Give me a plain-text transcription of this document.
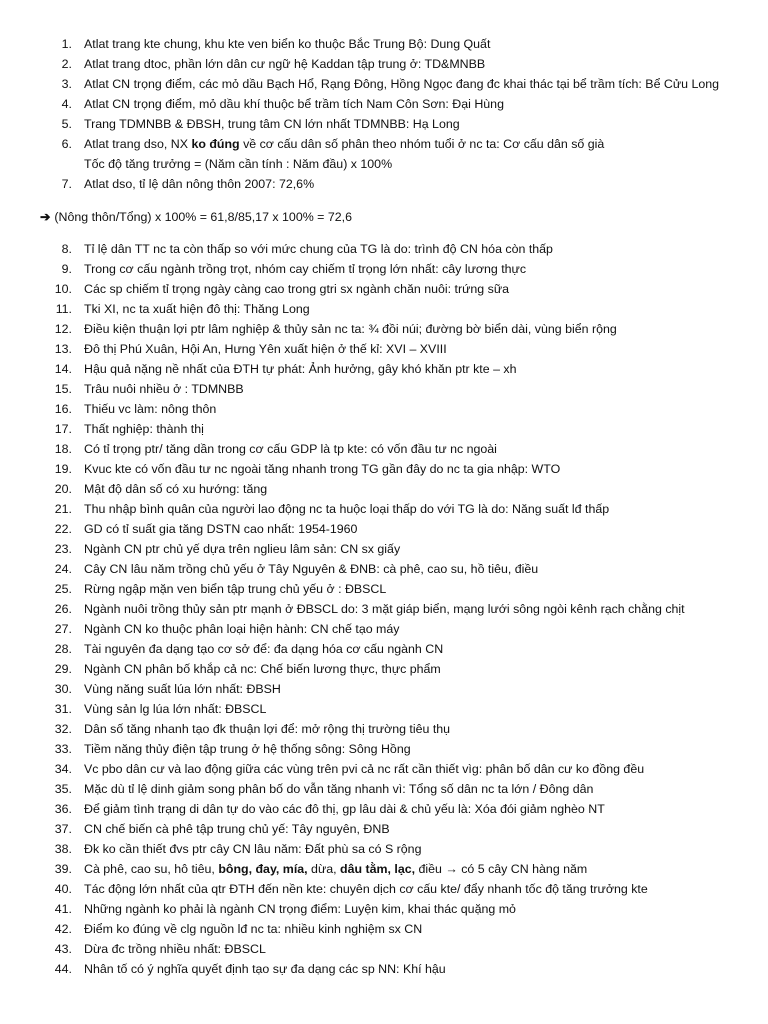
1. Atlat trang kte chung, khu kte ven biển ko thuộc Bắc Trung Bộ: Dung Quất
2. Atlat trang dtoc, phần lớn dân cư ngữ hệ Kaddan tập trung ở: TD&MNBB
3. Atlat CN trọng điểm, các mỏ dầu Bạch Hổ, Rạng Đông, Hồng Ngọc đang đc khai thác tại bể trầm tích: Bể Cửu Long
4. Atlat CN trọng điểm, mỏ dầu khí thuộc bể trầm tích Nam Côn Sơn: Đại Hùng
5. Trang TDMNBB & ĐBSH, trung tâm CN lớn nhất TDMNBB: Hạ Long
6. Atlat trang dso, NX ko đúng về cơ cấu dân số phân theo nhóm tuổi ở nc ta: Cơ cấu dân số già
Tốc độ tăng trưởng = (Năm cần tính : Năm đầu) x 100%
7. Atlat dso, tỉ lệ dân nông thôn 2007: 72,6%
➔ (Nông thôn/Tổng) x 100% = 61,8/85,17 x 100% = 72,6
8. Tỉ lệ dân TT nc ta còn thấp so với mức chung của TG là do: trình độ CN hóa còn thấp
9. Trong cơ cấu ngành trồng trọt, nhóm cay chiếm tỉ trọng lớn nhất: cây lương thực
10. Các sp chiếm tỉ trọng ngày càng cao trong gtri sx ngành chăn nuôi: trứng sữa
11. Tki XI, nc ta xuất hiện đô thị: Thăng Long
12. Điều kiện thuận lợi ptr lâm nghiệp & thủy sản nc ta: ¾ đồi núi; đường bờ biển dài, vùng biển rộng
13. Đô thị Phú Xuân, Hội An, Hưng Yên xuất hiện ở thế kỉ: XVI – XVIII
14. Hậu quả nặng nề nhất của ĐTH tự phát: Ảnh hưởng, gây khó khăn ptr kte – xh
15. Trâu nuôi nhiều ở : TDMNBB
16. Thiếu vc làm: nông thôn
17. Thất nghiệp: thành thị
18. Có tỉ trọng ptr/ tăng dần trong cơ cấu GDP là tp kte: có vốn đầu tư nc ngoài
19. Kvuc kte có vốn đầu tư nc ngoài tăng nhanh trong TG gần đây do nc ta gia nhập: WTO
20. Mật độ dân số có xu hướng: tăng
21. Thu nhập bình quân của người lao động nc ta huộc loại thấp do với TG là do: Năng suất lđ thấp
22. GD có tỉ suất gia tăng DSTN cao nhất: 1954-1960
23. Ngành CN ptr chủ yế dựa trên nglieu lâm sản: CN sx giấy
24. Cây CN lâu năm trồng chủ yếu ở Tây Nguyên & ĐNB: cà phê, cao su, hồ tiêu, điều
25. Rừng ngập mặn ven biển tập trung chủ yếu ở : ĐBSCL
26. Ngành nuôi trồng thủy sản ptr mạnh ở ĐBSCL do: 3 mặt giáp biển, mạng lưới sông ngòi kênh rạch chằng chịt
27. Ngành CN ko thuộc phân loại hiện hành: CN chế tạo máy
28. Tài nguyên đa dạng tạo cơ sở để: đa dạng hóa cơ cấu ngành CN
29. Ngành CN phân bố khắp cả nc: Chế biến lương thực, thực phẩm
30. Vùng năng suất lúa lớn nhất: ĐBSH
31. Vùng sản lg lúa lớn nhất: ĐBSCL
32. Dân số tăng nhanh tạo đk thuận lợi để: mở rộng thị trường tiêu thụ
33. Tiềm năng thủy điện tập trung ở hệ thống sông: Sông Hồng
34. Vc pbo dân cư và lao động giữa các vùng trên pvi cả nc rất cần thiết vìg: phân bố dân cư ko đồng đều
35. Mặc dù tỉ lệ dinh giảm song phân bố do vẫn tăng nhanh vì: Tổng số dân nc ta lớn / Đông dân
36. Để giảm tình trạng di dân tự do vào các đô thị, gp lâu dài & chủ yếu là: Xóa đói giảm nghèo NT
37. CN chế biến cà phê tập trung chủ yế: Tây nguyên, ĐNB
38. Đk ko cần thiết đvs ptr cây CN lâu năm: Đất phù sa có S rộng
39. Cà phê, cao su, hô tiêu, bông, đay, mía, dừa, dâu tằm, lạc, điều → có 5 cây CN hàng năm
40. Tác động lớn nhất của qtr ĐTH đến nền kte: chuyên dịch cơ cấu kte/ đẩy nhanh tốc độ tăng trưởng kte
41. Những ngành ko phải là ngành CN trọng điểm: Luyện kim, khai thác quặng mỏ
42. Điểm ko đúng về clg nguồn lđ nc ta: nhiều kinh nghiệm sx CN
43. Dừa đc trồng nhiều nhất: ĐBSCL
44. Nhân tố có ý nghĩa quyết định tạo sự đa dạng các sp NN: Khí hậu
